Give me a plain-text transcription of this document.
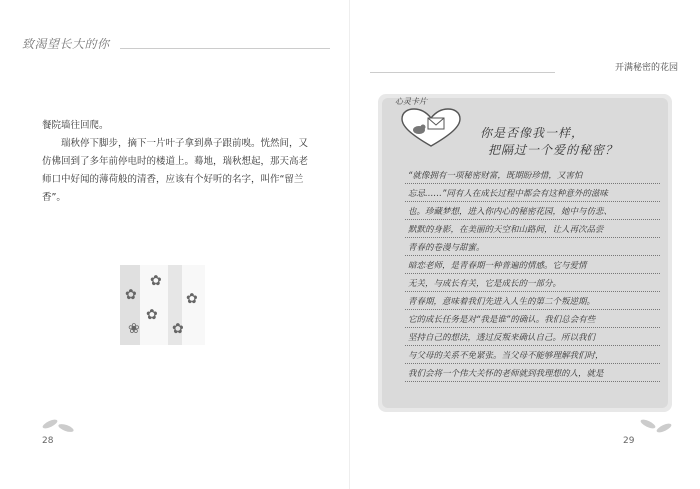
致渴望长大的你

餐院墙往回爬。

瑞秋停下脚步，摘下一片叶子拿到鼻子跟前嗅。恍然间，又仿佛回到了多年前停电时的楼道上。蓦地，瑞秋想起，那天高老师口中好闻的薄荷般的清香，应该有个好听的名字，叫作“留兰香”。

✿
✿
✿
✿
✿
❀
28
开满秘密的花园
29
心灵卡片
你是否像我一样，
把隔过一个爱的秘密？
“就像拥有一项秘密财富，既期盼珍惜，又害怕
忘忌……”同有人在成长过程中都会有这种意外的滋味
也。珍藏梦想，进入你内心的秘密花园，她中与仿悲、
默默的身影，在美丽的天空和山路间，让人再次品尝
青春的卷漫与甜蜜。
暗恋老师，是青春期一种普遍的情感。它与爱情
无关，与成长有关，它是成长的一部分。
青春期，意味着我们先进入人生的第二个叛逆期。
它的成长任务是对“我是谁”的确认。我们总会有些
坚持自己的想法，透过反叛来确认自己。所以我们
与父母的关系不免紧张。当父母不能够理解我们时，
我们会将一个伟大关怀的老师就到我理想的人，就是
